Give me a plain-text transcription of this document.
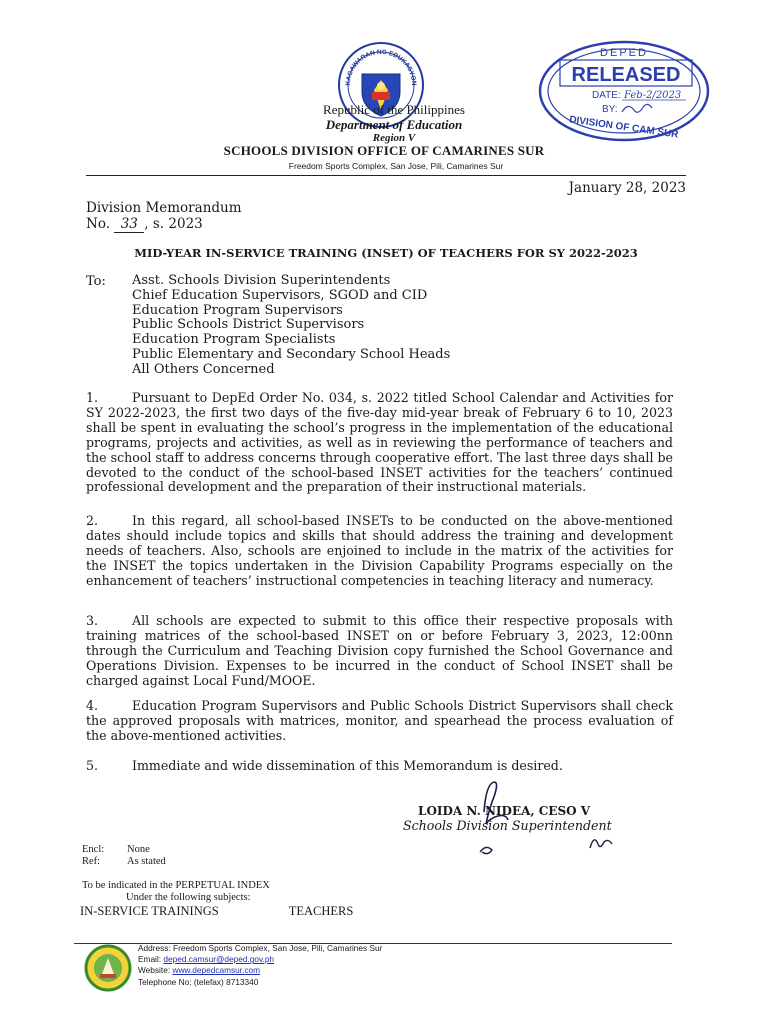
KAGAWARAN NG EDUKASYON
Republic of the Philippines
Department of Education
Region V
SCHOOLS DIVISION OFFICE OF CAMARINES SUR
Freedom Sports Complex, San Jose, Pili, Camarines Sur
DEPED
RELEASED
DATE: Feb-2/2023
BY:
DIVISION OF CAM SUR
January 28, 2023
Division Memorandum
No. 33 , s. 2023
MID-YEAR IN-SERVICE TRAINING (INSET) OF TEACHERS FOR SY 2022-2023
To: Asst. Schools Division Superintendents
Chief Education Supervisors, SGOD and CID
Education Program Supervisors
Public Schools District Supervisors
Education Program Specialists
Public Elementary and Secondary School Heads
All Others Concerned
1.	Pursuant to DepEd Order No. 034, s. 2022 titled School Calendar and Activities for SY 2022-2023, the first two days of the five-day mid-year break of February 6 to 10, 2023 shall be spent in evaluating the school’s progress in the implementation of the educational programs, projects and activities, as well as in reviewing the performance of teachers and the school staff to address concerns through cooperative effort. The last three days shall be devoted to the conduct of the school-based INSET activities for the teachers’ continued professional development and the preparation of their instructional materials.
2.	In this regard, all school-based INSETs to be conducted on the above-mentioned dates should include topics and skills that should address the training and development needs of teachers. Also, schools are enjoined to include in the matrix of the activities for the INSET the topics undertaken in the Division Capability Programs especially on the enhancement of teachers’ instructional competencies in teaching literacy and numeracy.
3.	All schools are expected to submit to this office their respective proposals with training matrices of the school-based INSET on or before February 3, 2023, 12:00nn through the Curriculum and Teaching Division copy furnished the School Governance and Operations Division. Expenses to be incurred in the conduct of School INSET shall be charged against Local Fund/MOOE.
4.	Education Program Supervisors and Public Schools District Supervisors shall check the approved proposals with matrices, monitor, and spearhead the process evaluation of the above-mentioned activities.
5.	Immediate and wide dissemination of this Memorandum is desired.
LOIDA N. NIDEA, CESO V
Schools Division Superintendent
Encl: None
Ref:	As stated
To be indicated in the PERPETUAL INDEX
Under the following subjects:
IN-SERVICE TRAININGS	TEACHERS
Address: Freedom Sports Complex, San Jose, Pili, Camarines Sur
Email: deped.camsur@deped.gov.ph
Website: www.depedcamsur.com
Telephone No: (telefax) 8713340
